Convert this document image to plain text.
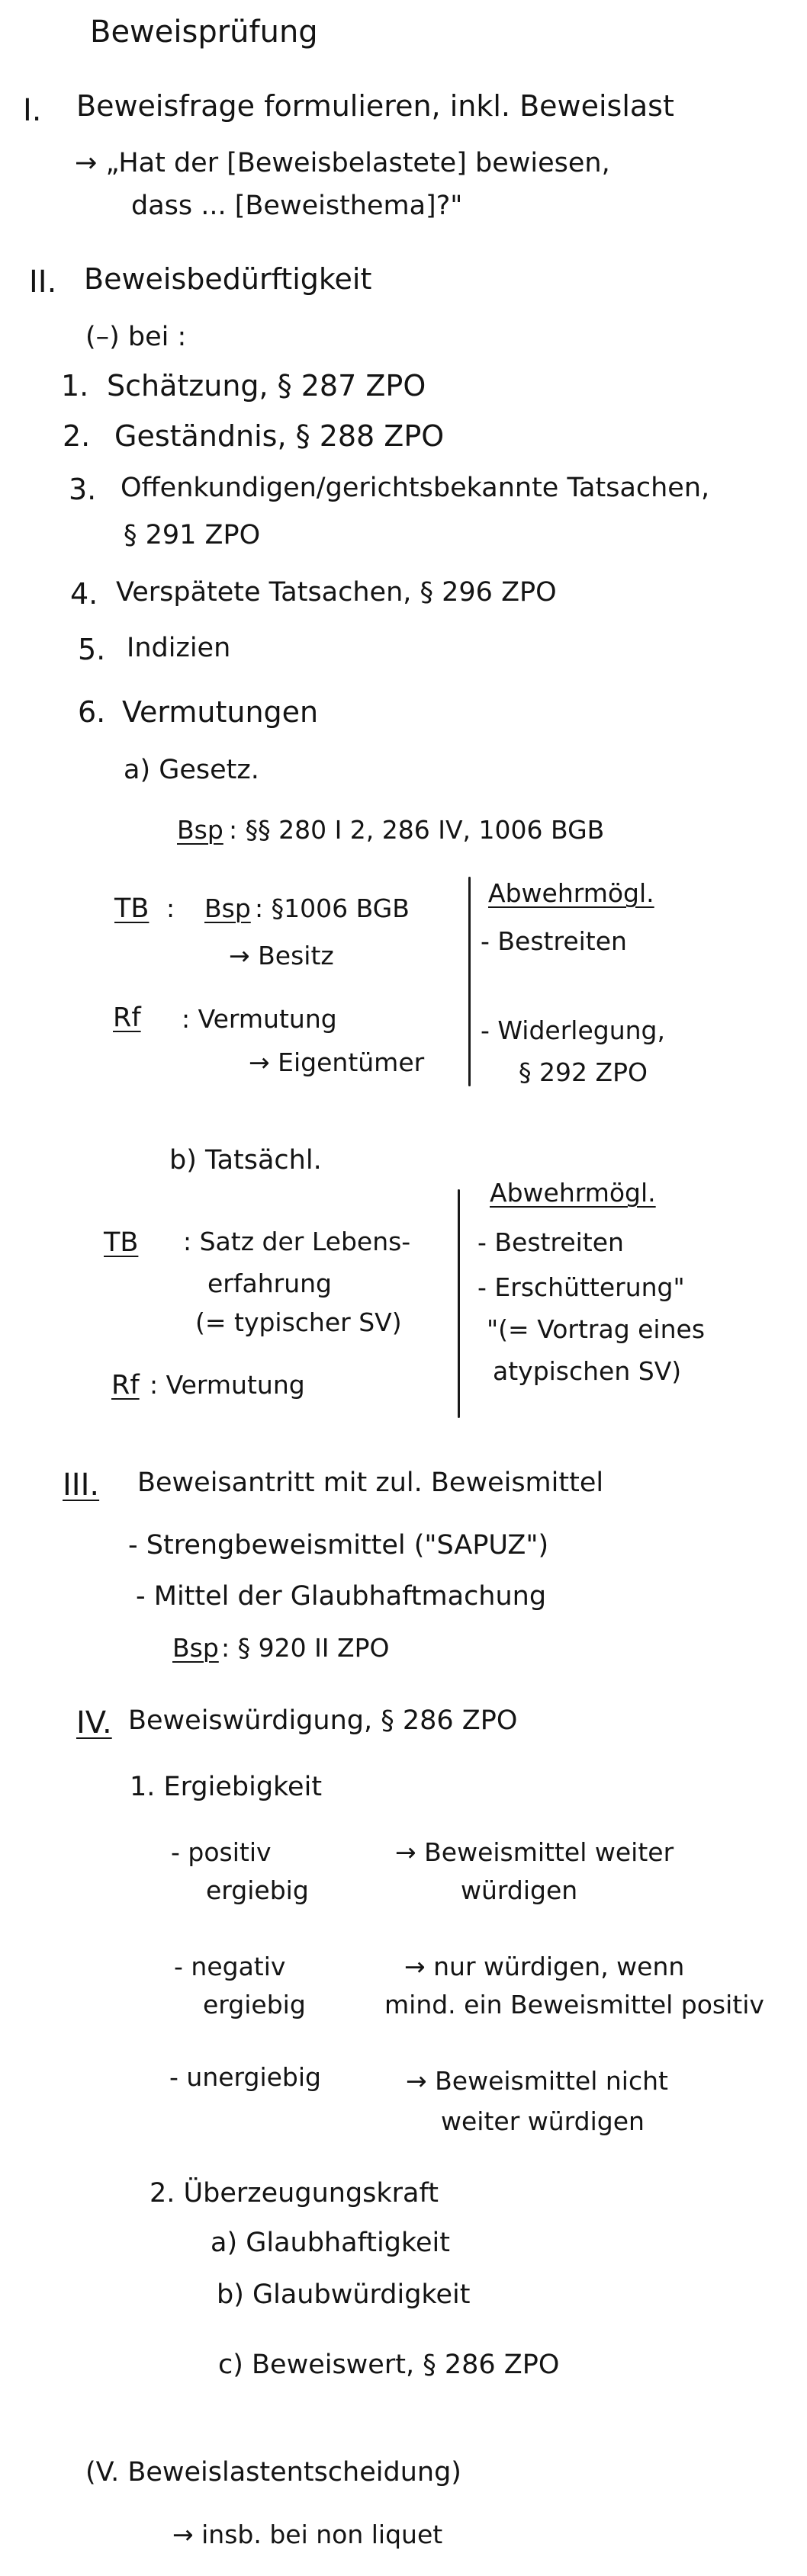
Beweisprüfung
I. Beweisfrage formulieren, inkl. Beweislast
→ „Hat der [Beweisbelastete] bewiesen,
dass ... [Beweisthema]?"
II. Beweisbedürftigkeit
(–) bei :
1. Schätzung, § 287 ZPO
2. Geständnis, § 288 ZPO
3. Offenkundigen/gerichtsbekannte Tatsachen,
§ 291 ZPO
4. Verspätete Tatsachen, § 296 ZPO
5. Indizien
6. Vermutungen
a) Gesetz.
Bsp : §§ 280 I 2, 286 IV, 1006 BGB
TB : Bsp : §1006 BGB
→ Besitz
Rf : Vermutung
→ Eigentümer
Abwehrmögl.
- Bestreiten
- Widerlegung,
§ 292 ZPO
b) Tatsächl.
TB : Satz der Lebens-
erfahrung
(= typischer SV)
Rf : Vermutung
Abwehrmögl.
- Bestreiten
- Erschütterung"
"(= Vortrag eines
atypischen SV)
III. Beweisantritt mit zul. Beweismittel
- Strengbeweismittel ("SAPUZ")
- Mittel der Glaubhaftmachung
Bsp : § 920 II ZPO
IV. Beweiswürdigung, § 286 ZPO
1. Ergiebigkeit
- positiv
ergiebig
→ Beweismittel weiter
würdigen
- negativ
ergiebig
→ nur würdigen, wenn
mind. ein Beweismittel positiv
- unergiebig	→ Beweismittel nicht
weiter würdigen
2. Überzeugungskraft
a) Glaubhaftigkeit
b) Glaubwürdigkeit
c) Beweiswert, § 286 ZPO
(V. Beweislastentscheidung)
→ insb. bei non liquet
